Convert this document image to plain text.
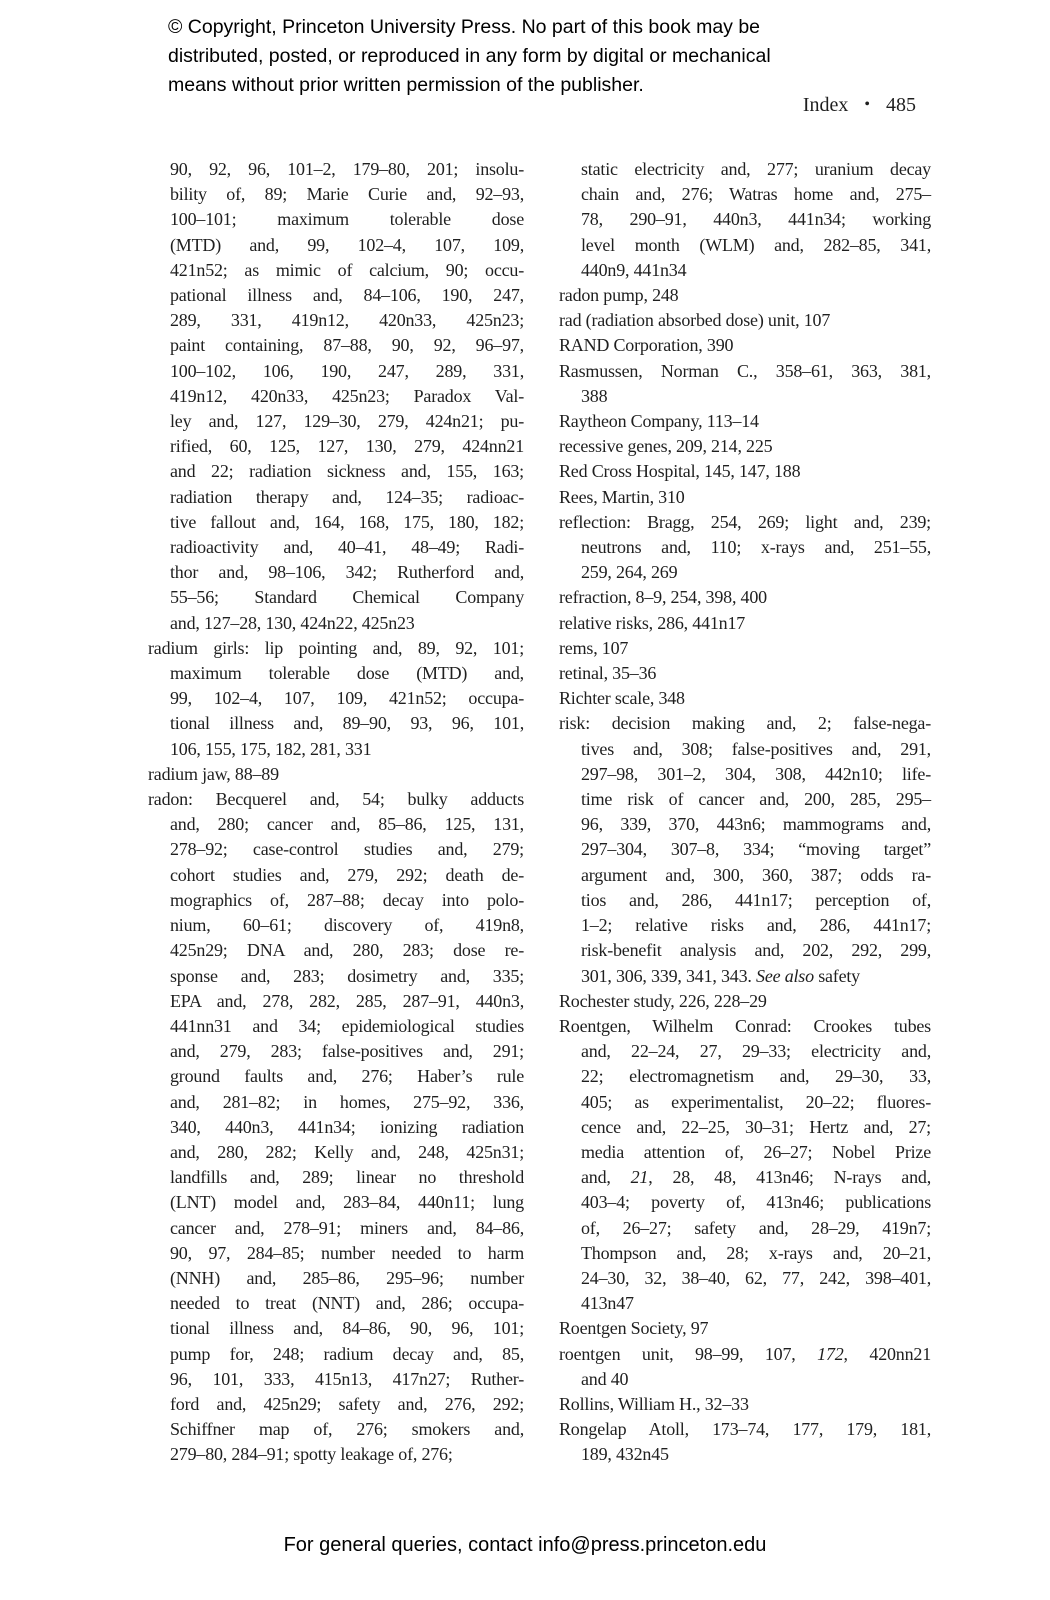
© Copyright, Princeton University Press. No part of this book may be
distributed, posted, or reproduced in any form by digital or mechanical
means without prior written permission of the publisher.
Index • 485
90, 92, 96, 101–2, 179–80, 201; insolu-
bility of, 89; Marie Curie and, 92–93,
100–101; maximum tolerable dose
(MTD) and, 99, 102–4, 107, 109,
421n52; as mimic of calcium, 90; occu-
pational illness and, 84–106, 190, 247,
289, 331, 419n12, 420n33, 425n23;
paint containing, 87–88, 90, 92, 96–97,
100–102, 106, 190, 247, 289, 331,
419n12, 420n33, 425n23; Paradox Val-
ley and, 127, 129–30, 279, 424n21; pu-
rified, 60, 125, 127, 130, 279, 424nn21
and 22; radiation sickness and, 155, 163;
radiation therapy and, 124–35; radioac-
tive fallout and, 164, 168, 175, 180, 182;
radioactivity and, 40–41, 48–49; Radi-
thor and, 98–106, 342; Rutherford and,
55–56; Standard Chemical Company
and, 127–28, 130, 424n22, 425n23
radium girls: lip pointing and, 89, 92, 101;
maximum tolerable dose (MTD) and,
99, 102–4, 107, 109, 421n52; occupa-
tional illness and, 89–90, 93, 96, 101,
106, 155, 175, 182, 281, 331
radium jaw, 88–89
radon: Becquerel and, 54; bulky adducts
and, 280; cancer and, 85–86, 125, 131,
278–92; case-control studies and, 279;
cohort studies and, 279, 292; death de-
mographics of, 287–88; decay into polo-
nium, 60–61; discovery of, 419n8,
425n29; DNA and, 280, 283; dose re-
sponse and, 283; dosimetry and, 335;
EPA and, 278, 282, 285, 287–91, 440n3,
441nn31 and 34; epidemiological studies
and, 279, 283; false-positives and, 291;
ground faults and, 276; Haber’s rule
and, 281–82; in homes, 275–92, 336,
340, 440n3, 441n34; ionizing radiation
and, 280, 282; Kelly and, 248, 425n31;
landfills and, 289; linear no threshold
(LNT) model and, 283–84, 440n11; lung
cancer and, 278–91; miners and, 84–86,
90, 97, 284–85; number needed to harm
(NNH) and, 285–86, 295–96; number
needed to treat (NNT) and, 286; occupa-
tional illness and, 84–86, 90, 96, 101;
pump for, 248; radium decay and, 85,
96, 101, 333, 415n13, 417n27; Ruther-
ford and, 425n29; safety and, 276, 292;
Schiffner map of, 276; smokers and,
279–80, 284–91; spotty leakage of, 276;
static electricity and, 277; uranium decay
chain and, 276; Watras home and, 275–
78, 290–91, 440n3, 441n34; working
level month (WLM) and, 282–85, 341,
440n9, 441n34
radon pump, 248
rad (radiation absorbed dose) unit, 107
RAND Corporation, 390
Rasmussen, Norman C., 358–61, 363, 381,
388
Raytheon Company, 113–14
recessive genes, 209, 214, 225
Red Cross Hospital, 145, 147, 188
Rees, Martin, 310
reflection: Bragg, 254, 269; light and, 239;
neutrons and, 110; x-rays and, 251–55,
259, 264, 269
refraction, 8–9, 254, 398, 400
relative risks, 286, 441n17
rems, 107
retinal, 35–36
Richter scale, 348
risk: decision making and, 2; false-nega-
tives and, 308; false-positives and, 291,
297–98, 301–2, 304, 308, 442n10; life-
time risk of cancer and, 200, 285, 295–
96, 339, 370, 443n6; mammograms and,
297–304, 307–8, 334; “moving target”
argument and, 300, 360, 387; odds ra-
tios and, 286, 441n17; perception of,
1–2; relative risks and, 286, 441n17;
risk-benefit analysis and, 202, 292, 299,
301, 306, 339, 341, 343. See also safety
Rochester study, 226, 228–29
Roentgen, Wilhelm Conrad: Crookes tubes
and, 22–24, 27, 29–33; electricity and,
22; electromagnetism and, 29–30, 33,
405; as experimentalist, 20–22; fluores-
cence and, 22–25, 30–31; Hertz and, 27;
media attention of, 26–27; Nobel Prize
and, 21, 28, 48, 413n46; N-rays and,
403–4; poverty of, 413n46; publications
of, 26–27; safety and, 28–29, 419n7;
Thompson and, 28; x-rays and, 20–21,
24–30, 32, 38–40, 62, 77, 242, 398–401,
413n47
Roentgen Society, 97
roentgen unit, 98–99, 107, 172, 420nn21
and 40
Rollins, William H., 32–33
Rongelap Atoll, 173–74, 177, 179, 181,
189, 432n45
For general queries, contact info@press.princeton.edu
